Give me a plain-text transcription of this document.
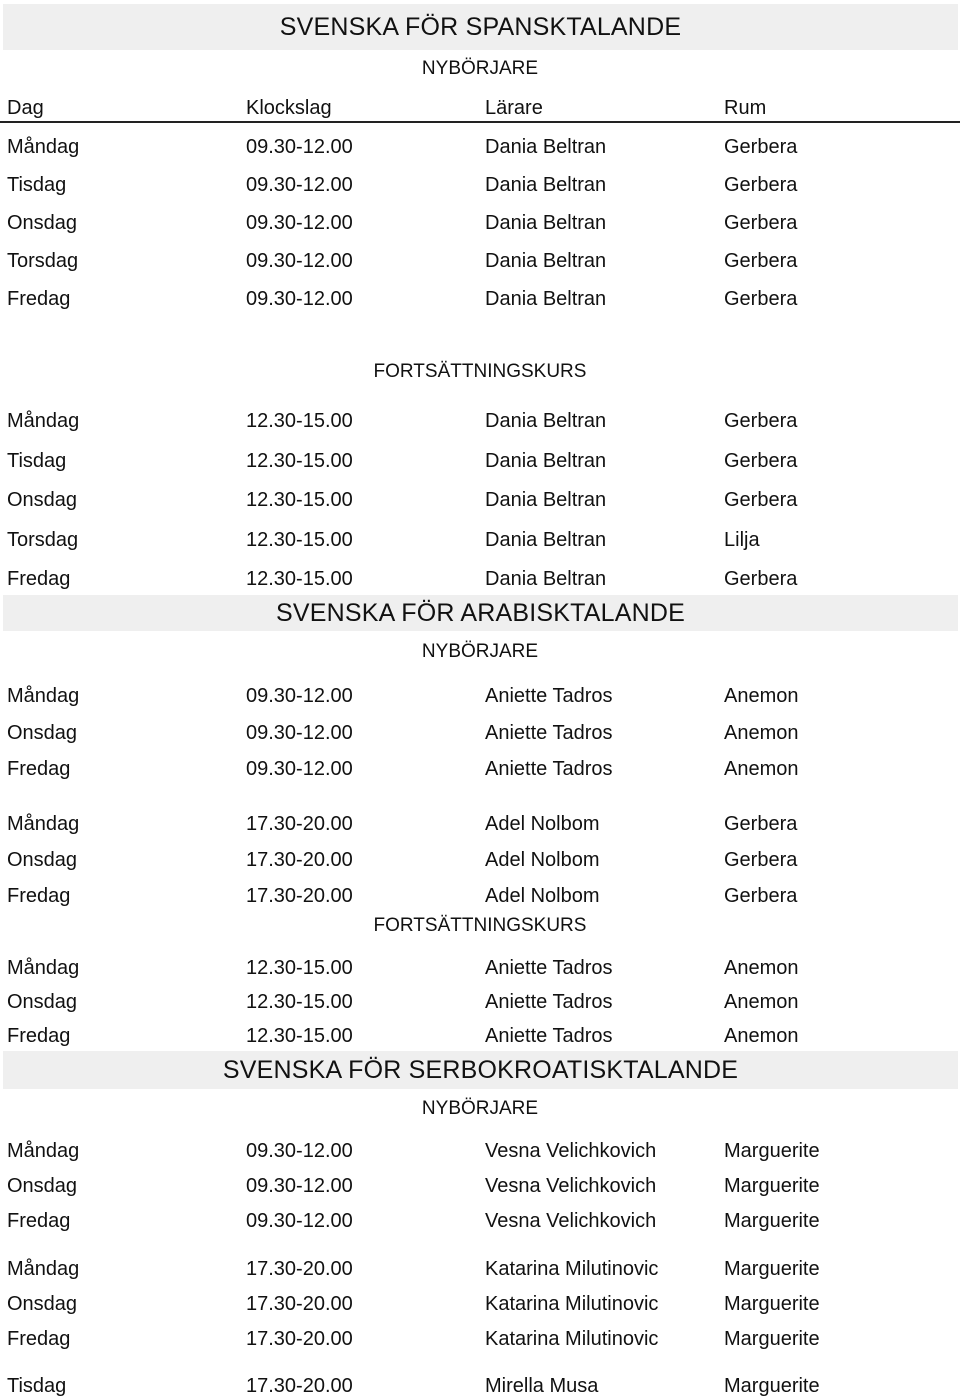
SVENSKA FÖR SPANSKTALANDE
NYBÖRJARE
Dag	Klockslag	Lärare	Rum
Måndag	09.30-12.00	Dania Beltran	Gerbera
Tisdag	09.30-12.00	Dania Beltran	Gerbera
Onsdag	09.30-12.00	Dania Beltran	Gerbera
Torsdag	09.30-12.00	Dania Beltran	Gerbera
Fredag	09.30-12.00	Dania Beltran	Gerbera
FORTSÄTTNINGSKURS
Måndag	12.30-15.00	Dania Beltran	Gerbera
Tisdag	12.30-15.00	Dania Beltran	Gerbera
Onsdag	12.30-15.00	Dania Beltran	Gerbera
Torsdag	12.30-15.00	Dania Beltran	Lilja
Fredag	12.30-15.00	Dania Beltran	Gerbera
SVENSKA FÖR ARABISKTALANDE
NYBÖRJARE
Måndag	09.30-12.00	Aniette Tadros	Anemon
Onsdag	09.30-12.00	Aniette Tadros	Anemon
Fredag	09.30-12.00	Aniette Tadros	Anemon
Måndag	17.30-20.00	Adel Nolbom	Gerbera
Onsdag	17.30-20.00	Adel Nolbom	Gerbera
Fredag	17.30-20.00	Adel Nolbom	Gerbera
FORTSÄTTNINGSKURS
Måndag	12.30-15.00	Aniette Tadros	Anemon
Onsdag	12.30-15.00	Aniette Tadros	Anemon
Fredag	12.30-15.00	Aniette Tadros	Anemon
SVENSKA FÖR SERBOKROATISKTALANDE
NYBÖRJARE
Måndag	09.30-12.00	Vesna Velichkovich	Marguerite
Onsdag	09.30-12.00	Vesna Velichkovich	Marguerite
Fredag	09.30-12.00	Vesna Velichkovich	Marguerite
Måndag	17.30-20.00	Katarina Milutinovic	Marguerite
Onsdag	17.30-20.00	Katarina Milutinovic	Marguerite
Fredag	17.30-20.00	Katarina Milutinovic	Marguerite
Tisdag	17.30-20.00	Mirella Musa	Marguerite
